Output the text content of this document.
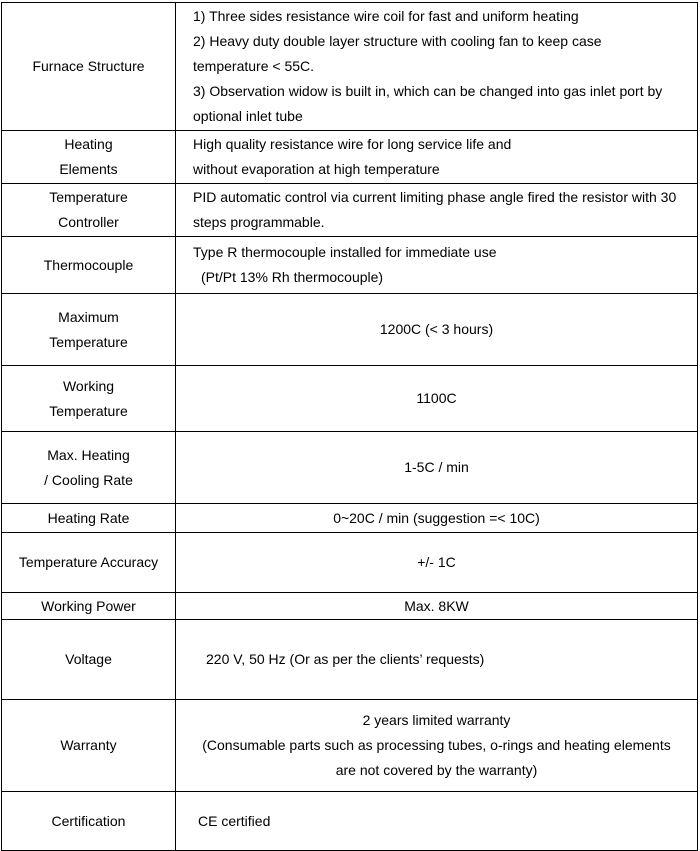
Furnace Structure	1) Three sides resistance wire coil for fast and uniform heating
2) Heavy duty double layer structure with cooling fan to keep case
temperature < 55C.
3) Observation widow is built in, which can be changed into gas inlet port by
optional inlet tube

Heating
Elements	High quality resistance wire for long service life and
without evaporation at high temperature

Temperature
Controller	PID automatic control via current limiting phase angle fired the resistor with 30
steps programmable.

Thermocouple	Type R thermocouple installed for immediate use
(Pt/Pt 13% Rh thermocouple)

Maximum
Temperature	1200C (< 3 hours)

Working
Temperature	1100C

Max. Heating
/ Cooling Rate	1-5C / min
Heating Rate	0~20C / min (suggestion =< 10C)
Temperature Accuracy	+/- 1C
Working Power	Max. 8KW
Voltage	220 V, 50 Hz (Or as per the clients’ requests)
Warranty	2 years limited warranty
(Consumable parts such as processing tubes, o-rings and heating elements
are not covered by the warranty)

Certification	CE certified
